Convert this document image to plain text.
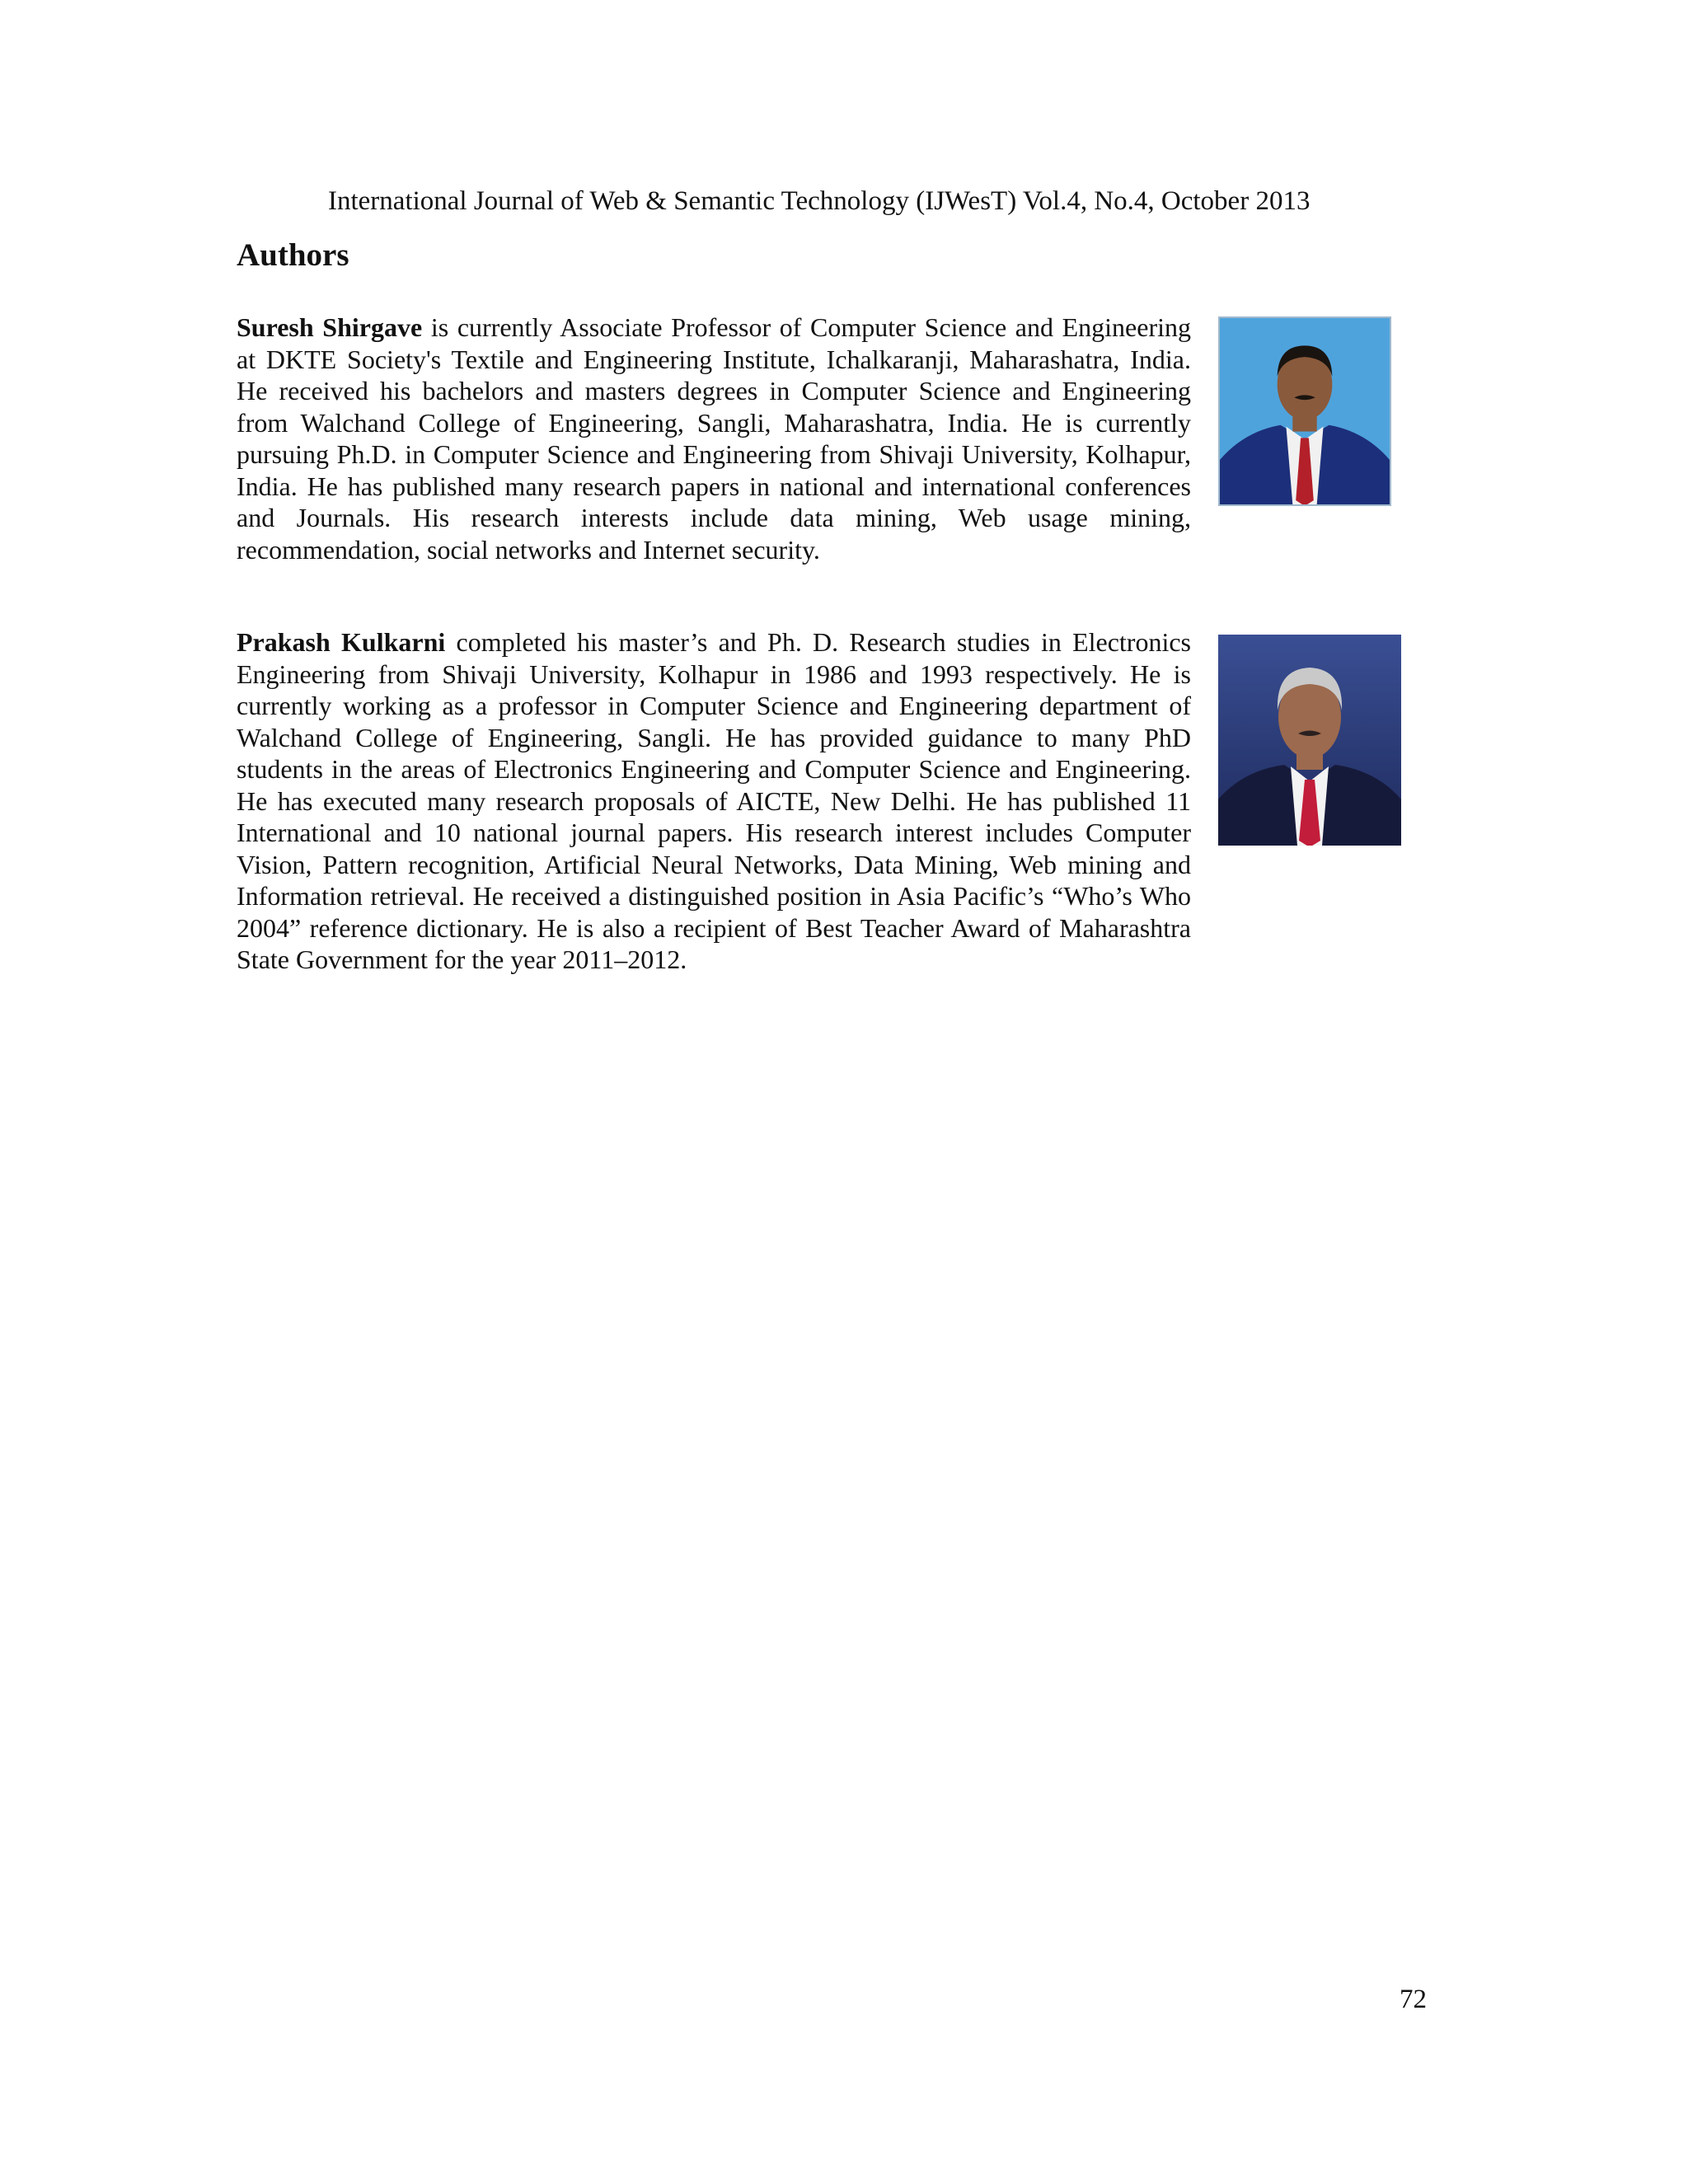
International Journal of Web & Semantic Technology (IJWesT) Vol.4, No.4, October 2013
Authors

Suresh Shirgave is currently Associate Professor of Computer Science and Engineering at DKTE Society's Textile and Engineering Institute, Ichalkaranji, Maharashatra, India. He received his bachelors and masters degrees in Computer Science and Engineering from Walchand College of Engineering, Sangli, Maharashatra, India. He is currently pursuing Ph.D. in Computer Science and Engineering from Shivaji University, Kolhapur, India. He has published many research papers in national and international conferences and Journals. His research interests include data mining, Web usage mining, recommendation, social networks and Internet security.

Prakash Kulkarni completed his master’s and Ph. D. Research studies in Electronics Engineering from Shivaji University, Kolhapur in 1986 and 1993 respectively. He is currently working as a professor in Computer Science and Engineering department of Walchand College of Engineering, Sangli. He has provided guidance to many PhD students in the areas of Electronics Engineering and Computer Science and Engineering. He has executed many research proposals of AICTE, New Delhi. He has published 11 International and 10 national journal papers. His research interest includes Computer Vision, Pattern recognition, Artificial Neural Networks, Data Mining, Web mining and Information retrieval. He received a distinguished position in Asia Pacific’s “Who’s Who 2004” reference dictionary. He is also a recipient of Best Teacher Award of Maharashtra State Government for the year 2011–2012.

72
